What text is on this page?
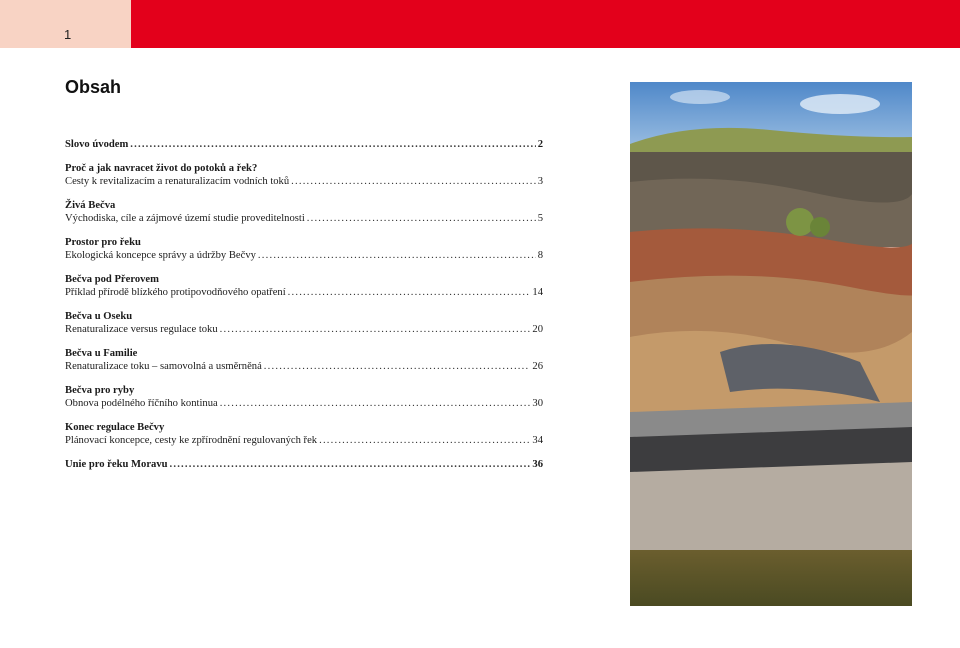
1
Obsah
Slovo úvodem .....	2
Proč a jak navracet život do potoků a řek?
Cesty k revitalizacím a renaturalizacím vodních toků .....	3
Živá Bečva
Východiska, cíle a zájmové území studie proveditelnosti .....	5
Prostor pro řeku
Ekologická koncepce správy a údržby Bečvy .....	8
Bečva pod Přerovem
Příklad přírodě blízkého protipovodňového opatření .....	14
Bečva u Oseku
Renaturalizace versus regulace toku .....	20
Bečva u Familie
Renaturalizace toku – samovolná a usměrněná .....	26
Bečva pro ryby
Obnova podélného říčního kontinua .....	30
Konec regulace Bečvy
Plánovací koncepce, cesty ke zpřírodnění regulovaných řek .....	34
Unie pro řeku Moravu .....	36
